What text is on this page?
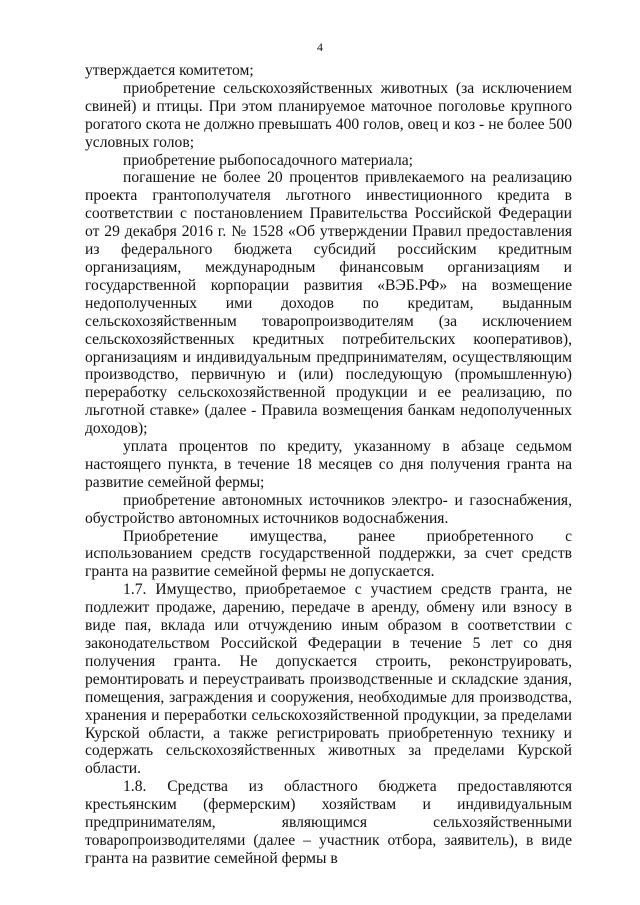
4

утверждается комитетом;

приобретение сельскохозяйственных животных (за исключением свиней) и птицы. При этом планируемое маточное поголовье крупного рогатого скота не должно превышать 400 голов, овец и коз - не более 500 условных голов;

приобретение рыбопосадочного материала;

погашение не более 20 процентов привлекаемого на реализацию проекта грантополучателя льготного инвестиционного кредита в соответствии с постановлением Правительства Российской Федерации от 29 декабря 2016 г. № 1528 «Об утверждении Правил предоставления из федерального бюджета субсидий российским кредитным организациям, международным финансовым организациям и государственной корпорации развития «ВЭБ.РФ» на возмещение недополученных ими доходов по кредитам, выданным сельскохозяйственным товаропроизводителям (за исключением сельскохозяйственных кредитных потребительских кооперативов), организациям и индивидуальным предпринимателям, осуществляющим производство, первичную и (или) последующую (промышленную) переработку сельскохозяйственной продукции и ее реализацию, по льготной ставке» (далее - Правила возмещения банкам недополученных доходов);

уплата процентов по кредиту, указанному в абзаце седьмом настоящего пункта, в течение 18 месяцев со дня получения гранта на развитие семейной фермы;

приобретение автономных источников электро- и газоснабжения, обустройство автономных источников водоснабжения.

Приобретение имущества, ранее приобретенного с использованием средств государственной поддержки, за счет средств гранта на развитие семейной фермы не допускается.

1.7. Имущество, приобретаемое с участием средств гранта, не подлежит продаже, дарению, передаче в аренду, обмену или взносу в виде пая, вклада или отчуждению иным образом в соответствии с законодательством Российской Федерации в течение 5 лет со дня получения гранта. Не допускается строить, реконструировать, ремонтировать и переустраивать производственные и складские здания, помещения, заграждения и сооружения, необходимые для производства, хранения и переработки сельскохозяйственной продукции, за пределами Курской области, а также регистрировать приобретенную технику и содержать сельскохозяйственных животных за пределами Курской области.

1.8. Средства из областного бюджета предоставляются крестьянским (фермерским) хозяйствам и индивидуальным предпринимателям, являющимся сельхозяйственными товаропроизводителями (далее – участник отбора, заявитель), в виде гранта на развитие семейной фермы в
